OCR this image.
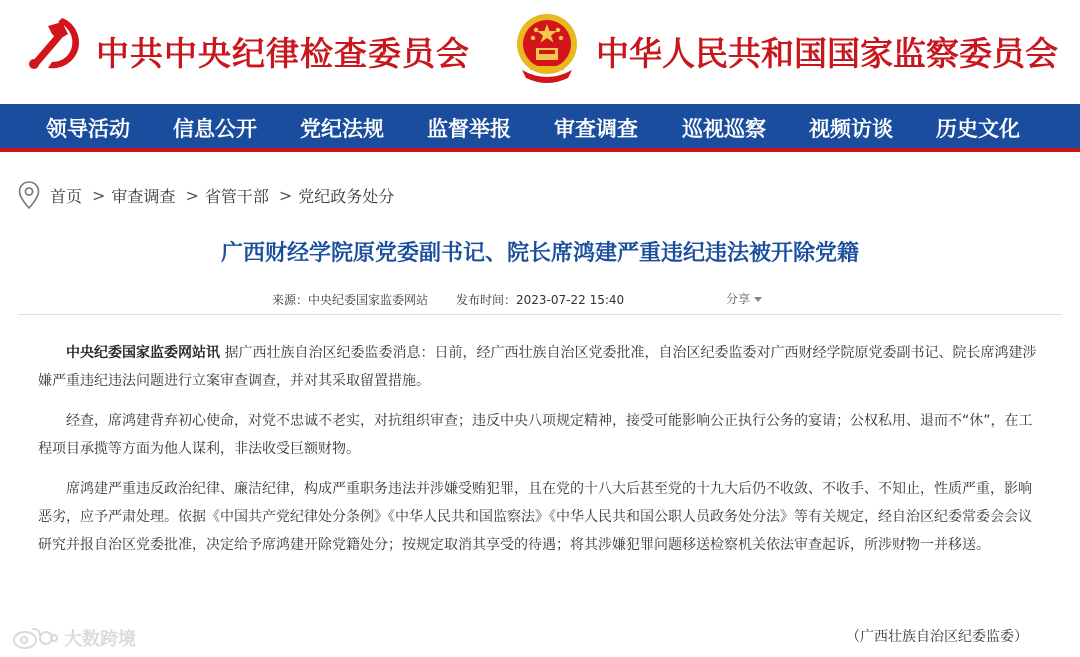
中共中央纪律检查委员会	中华人民共和国国家监察委员会
领导活动 信息公开 党纪法规 监督举报 审查调查 巡视巡察 视频访谈 历史文化
首页 > 审查调查 > 省管干部 > 党纪政务处分
广西财经学院原党委副书记、院长席鸿建严重违纪违法被开除党籍
来源：中央纪委国家监委网站 发布时间：2023-07-22 15:40	分享

中央纪委国家监委网站讯 据广西壮族自治区纪委监委消息：日前，经广西壮族自治区党委批准，自治区纪委监委对广西财经学院原党委副书记、院长席鸿建涉嫌严重违纪违法问题进行立案审查调查，并对其采取留置措施。

经查，席鸿建背弃初心使命，对党不忠诚不老实，对抗组织审查；违反中央八项规定精神，接受可能影响公正执行公务的宴请；公权私用、退而不“休”，在工程项目承揽等方面为他人谋利，非法收受巨额财物。

席鸿建严重违反政治纪律、廉洁纪律，构成严重职务违法并涉嫌受贿犯罪，且在党的十八大后甚至党的十九大后仍不收敛、不收手、不知止，性质严重，影响恶劣，应予严肃处理。依据《中国共产党纪律处分条例》《中华人民共和国监察法》《中华人民共和国公职人员政务处分法》等有关规定，经自治区纪委常委会会议研究并报自治区党委批准，决定给予席鸿建开除党籍处分；按规定取消其享受的待遇；将其涉嫌犯罪问题移送检察机关依法审查起诉，所涉财物一并移送。

（广西壮族自治区纪委监委）
大数跨境
